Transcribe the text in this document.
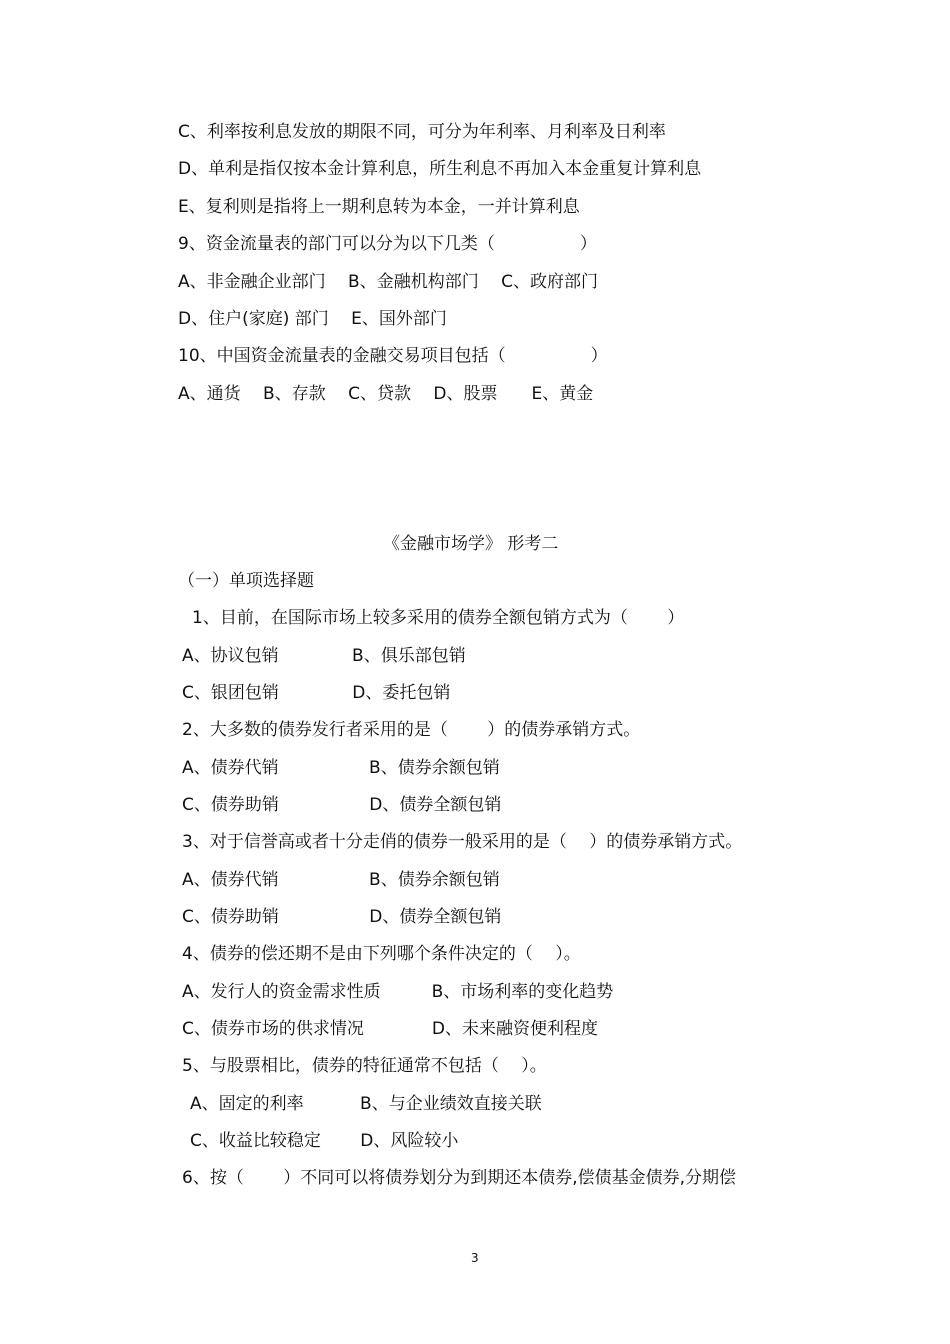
C、利率按利息发放的期限不同，可分为年利率、月利率及日利率
D、单利是指仅按本金计算利息，所生利息不再加入本金重复计算利息
E、复利则是指将上一期利息转为本金，一并计算利息
9、资金流量表的部门可以分为以下几类（　　　　　）
A、非金融企业部门　 B、金融机构部门　 C、政府部门
D、住户(家庭) 部门　 E、国外部门
10、中国资金流量表的金融交易项目包括（　　　　　）
A、通货　 B、存款　 C、贷款　 D、股票　　E、黄金
《金融市场学》 形考二
（一）单项选择题
1、目前，在国际市场上较多采用的债券全额包销方式为（　　 ）
A、协议包销　　　　 B、俱乐部包销
C、银团包销　　　　 D、委托包销
2、大多数的债券发行者采用的是（　　 ）的债券承销方式。
A、债券代销　　　　　 B、债券余额包销
C、债券助销　　　　　 D、债券全额包销
3、对于信誉高或者十分走俏的债券一般采用的是（　 ）的债券承销方式。
A、债券代销　　　　　 B、债券余额包销
C、债券助销　　　　　 D、债券全额包销
4、债券的偿还期不是由下列哪个条件决定的（　 ）。
A、发行人的资金需求性质　　　B、市场利率的变化趋势
C、债券市场的供求情况　　　　D、未来融资便利程度
5、与股票相比，债券的特征通常不包括（　 ）。
A、固定的利率　　　 B、与企业绩效直接关联
C、收益比较稳定　　 D、风险较小
6、按（　　 ）不同可以将债券划分为到期还本债券,偿债基金债券,分期偿
3
